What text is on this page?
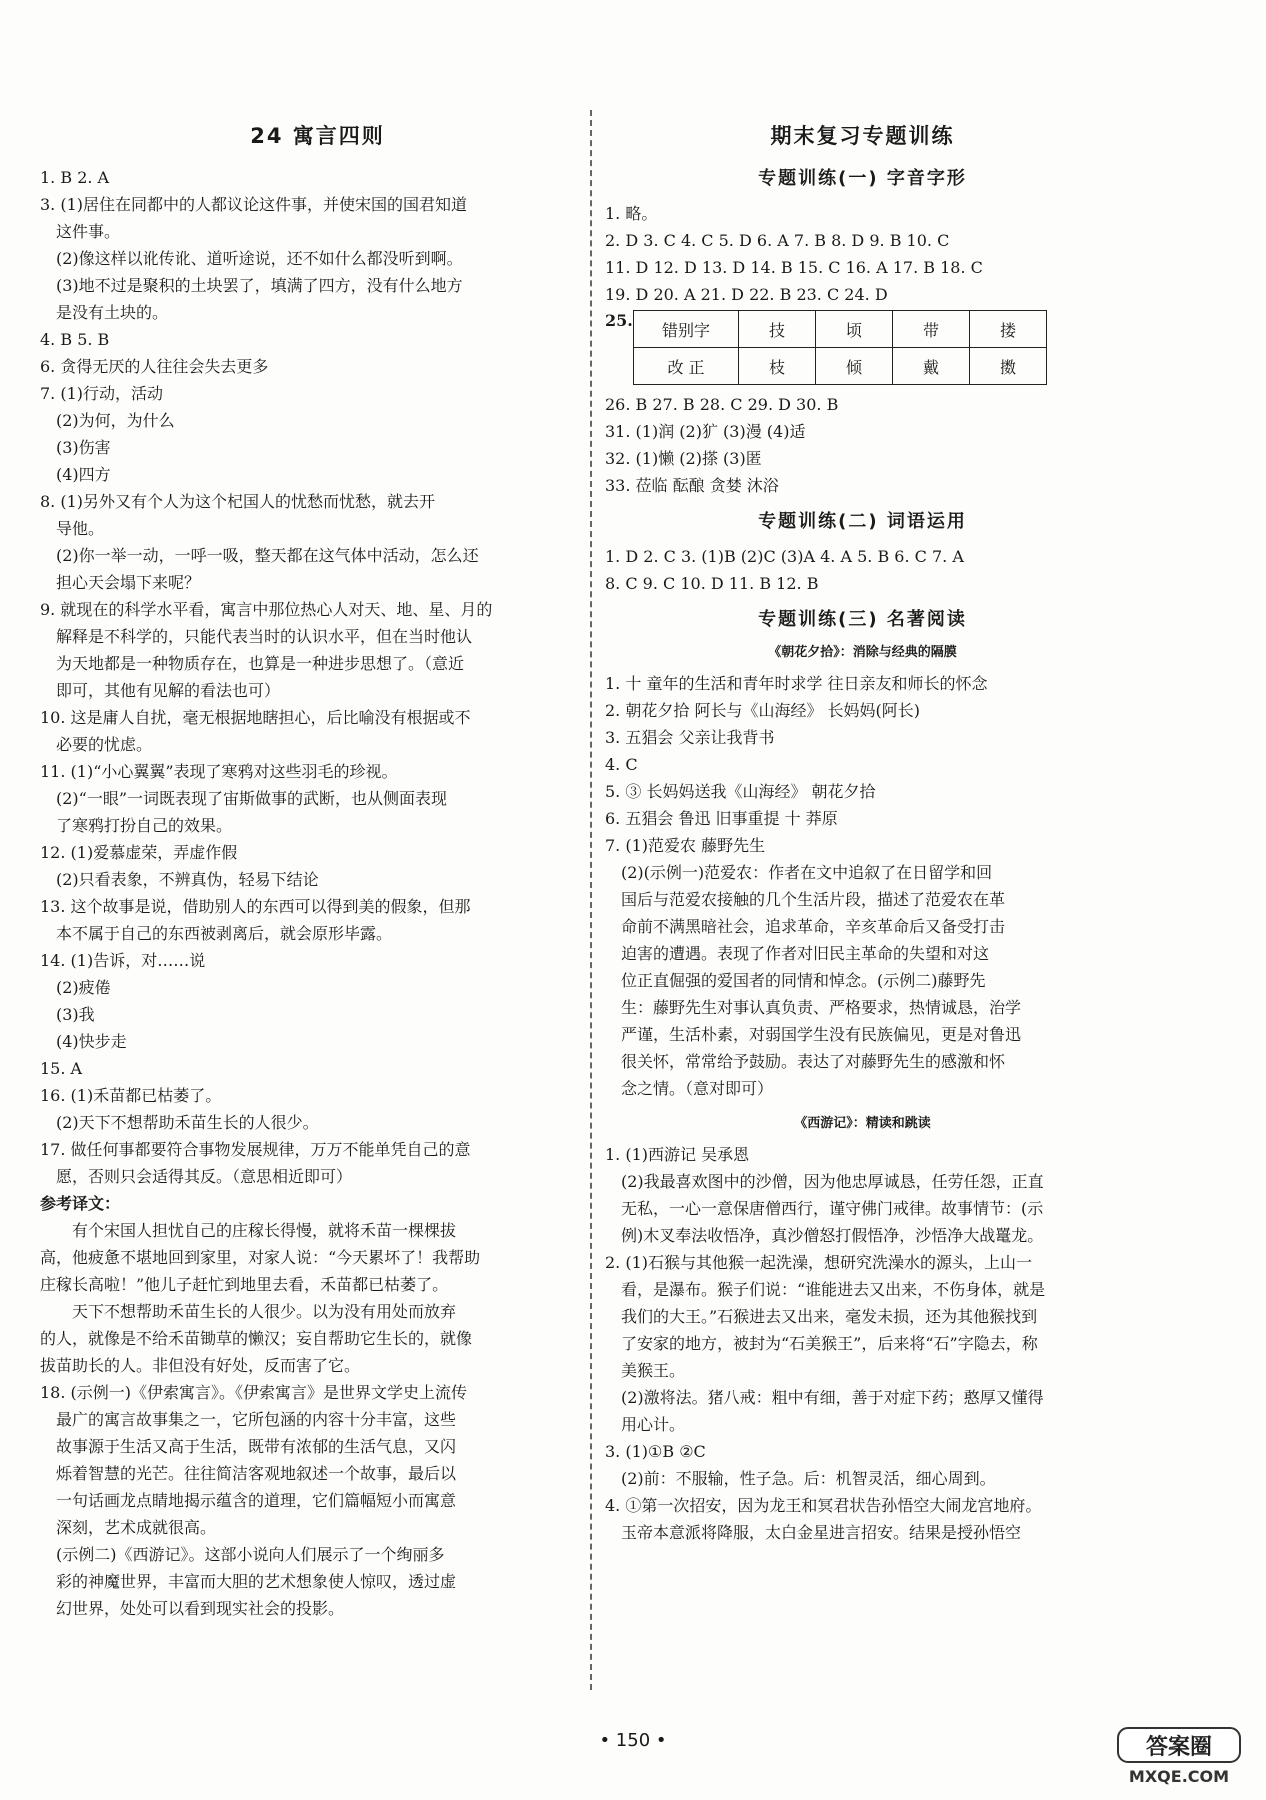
24 寓言四则

1. B 2. A

3. (1)居住在同都中的人都议论这件事，并使宋国的国君知道

这件事。

(2)像这样以讹传讹、道听途说，还不如什么都没听到啊。

(3)地不过是聚积的土块罢了，填满了四方，没有什么地方

是没有土块的。

4. B 5. B

6. 贪得无厌的人往往会失去更多

7. (1)行动，活动

(2)为何，为什么

(3)伤害

(4)四方

8. (1)另外又有个人为这个杞国人的忧愁而忧愁，就去开

导他。

(2)你一举一动，一呼一吸，整天都在这气体中活动，怎么还

担心天会塌下来呢？

9. 就现在的科学水平看，寓言中那位热心人对天、地、星、月的

解释是不科学的，只能代表当时的认识水平，但在当时他认

为天地都是一种物质存在，也算是一种进步思想了。（意近

即可，其他有见解的看法也可）

10. 这是庸人自扰，毫无根据地瞎担心，后比喻没有根据或不

必要的忧虑。

11. (1)“小心翼翼”表现了寒鸦对这些羽毛的珍视。

(2)“一眼”一词既表现了宙斯做事的武断，也从侧面表现

了寒鸦打扮自己的效果。

12. (1)爱慕虚荣，弄虚作假

(2)只看表象，不辨真伪，轻易下结论

13. 这个故事是说，借助别人的东西可以得到美的假象，但那

本不属于自己的东西被剥离后，就会原形毕露。

14. (1)告诉，对……说

(2)疲倦

(3)我

(4)快步走

15. A

16. (1)禾苗都已枯萎了。

(2)天下不想帮助禾苗生长的人很少。

17. 做任何事都要符合事物发展规律，万万不能单凭自己的意

愿，否则只会适得其反。（意思相近即可）

参考译文：

有个宋国人担忧自己的庄稼长得慢，就将禾苗一棵棵拔

高，他疲惫不堪地回到家里，对家人说：“今天累坏了！我帮助

庄稼长高啦！”他儿子赶忙到地里去看，禾苗都已枯萎了。

天下不想帮助禾苗生长的人很少。以为没有用处而放弃

的人，就像是不给禾苗锄草的懒汉；妄自帮助它生长的，就像

拔苗助长的人。非但没有好处，反而害了它。

18. (示例一)《伊索寓言》。《伊索寓言》是世界文学史上流传

最广的寓言故事集之一，它所包涵的内容十分丰富，这些

故事源于生活又高于生活，既带有浓郁的生活气息，又闪

烁着智慧的光芒。往往简洁客观地叙述一个故事，最后以

一句话画龙点睛地揭示蕴含的道理，它们篇幅短小而寓意

深刻，艺术成就很高。

(示例二)《西游记》。这部小说向人们展示了一个绚丽多

彩的神魔世界，丰富而大胆的艺术想象使人惊叹，透过虚

幻世界，处处可以看到现实社会的投影。

期末复习专题训练
专题训练(一) 字音字形

1. 略。

2. D 3. C 4. C 5. D 6. A 7. B 8. D 9. B 10. C

11. D 12. D 13. D 14. B 15. C 16. A 17. B 18. C

19. D 20. A 21. D 22. B 23. C 24. D

25. 错别字	技	顷	带	搂
改 正	枝	倾	戴	擞

26. B 27. B 28. C 29. D 30. B

31. (1)润 (2)犷 (3)漫 (4)适

32. (1)懒 (2)搽 (3)匿

33. 莅临 酝酿 贪婪 沐浴

专题训练(二) 词语运用

1. D 2. C 3. (1)B (2)C (3)A 4. A 5. B 6. C 7. A

8. C 9. C 10. D 11. B 12. B

专题训练(三) 名著阅读
《朝花夕拾》：消除与经典的隔膜

1. 十 童年的生活和青年时求学 往日亲友和师长的怀念

2. 朝花夕拾 阿长与《山海经》 长妈妈(阿长)

3. 五猖会 父亲让我背书

4. C

5. ③ 长妈妈送我《山海经》 朝花夕拾

6. 五猖会 鲁迅 旧事重提 十 莽原

7. (1)范爱农 藤野先生

(2)(示例一)范爱农：作者在文中追叙了在日留学和回

国后与范爱农接触的几个生活片段，描述了范爱农在革

命前不满黑暗社会，追求革命，辛亥革命后又备受打击

迫害的遭遇。表现了作者对旧民主革命的失望和对这

位正直倔强的爱国者的同情和悼念。(示例二)藤野先

生：藤野先生对事认真负责、严格要求，热情诚恳，治学

严谨，生活朴素，对弱国学生没有民族偏见，更是对鲁迅

很关怀，常常给予鼓励。表达了对藤野先生的感激和怀

念之情。（意对即可）

《西游记》：精读和跳读

1. (1)西游记 吴承恩

(2)我最喜欢图中的沙僧，因为他忠厚诚恳，任劳任怨，正直

无私，一心一意保唐僧西行，谨守佛门戒律。故事情节：(示

例)木叉奉法收悟净，真沙僧怒打假悟净，沙悟净大战鼍龙。

2. (1)石猴与其他猴一起洗澡，想研究洗澡水的源头，上山一

看，是瀑布。猴子们说：“谁能进去又出来，不伤身体，就是

我们的大王。”石猴进去又出来，毫发未损，还为其他猴找到

了安家的地方，被封为“石美猴王”，后来将“石”字隐去，称

美猴王。

(2)激将法。猪八戒：粗中有细，善于对症下药；憨厚又懂得

用心计。

3. (1)①B ②C

(2)前：不服输，性子急。后：机智灵活，细心周到。

4. ①第一次招安，因为龙王和冥君状告孙悟空大闹龙宫地府。

玉帝本意派将降服，太白金星进言招安。结果是授孙悟空

• 150 •	答案圈
MXQE.COM
